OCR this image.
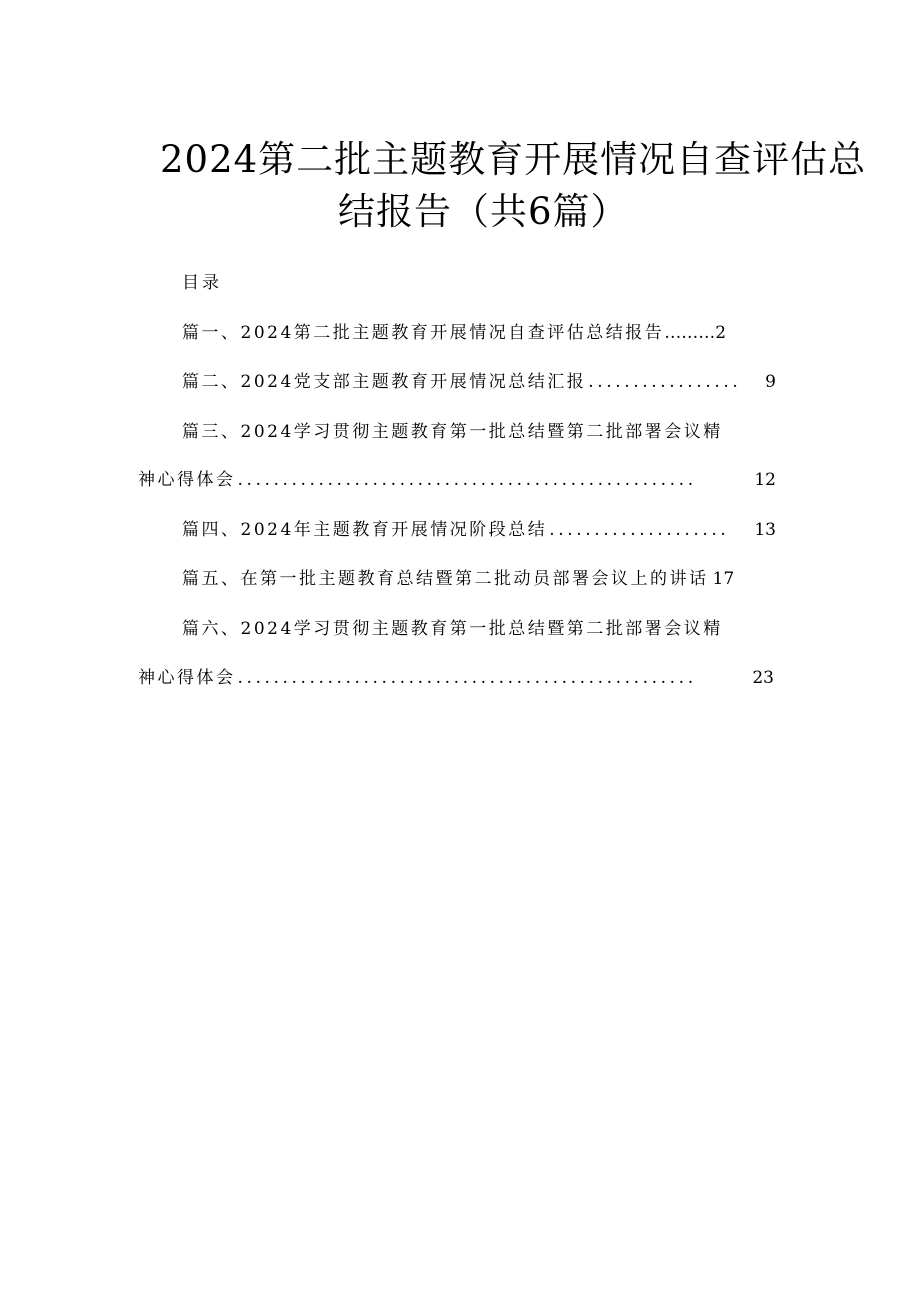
2024第二批主题教育开展情况自查评估总
结报告（共6篇）
目录
篇一、2024第二批主题教育开展情况自查评估总结报告 ……… 2
篇二、2024党支部主题教育开展情况总结汇报 .................	9
篇三、2024学习贯彻主题教育第一批总结暨第二批部署会议精
神心得体会 ...................................................	12
篇四、2024年主题教育开展情况阶段总结 ....................	13
篇五、在第一批主题教育总结暨第二批动员部署会议上的讲话 17
篇六、2024学习贯彻主题教育第一批总结暨第二批部署会议精
神心得体会 ...................................................	23
